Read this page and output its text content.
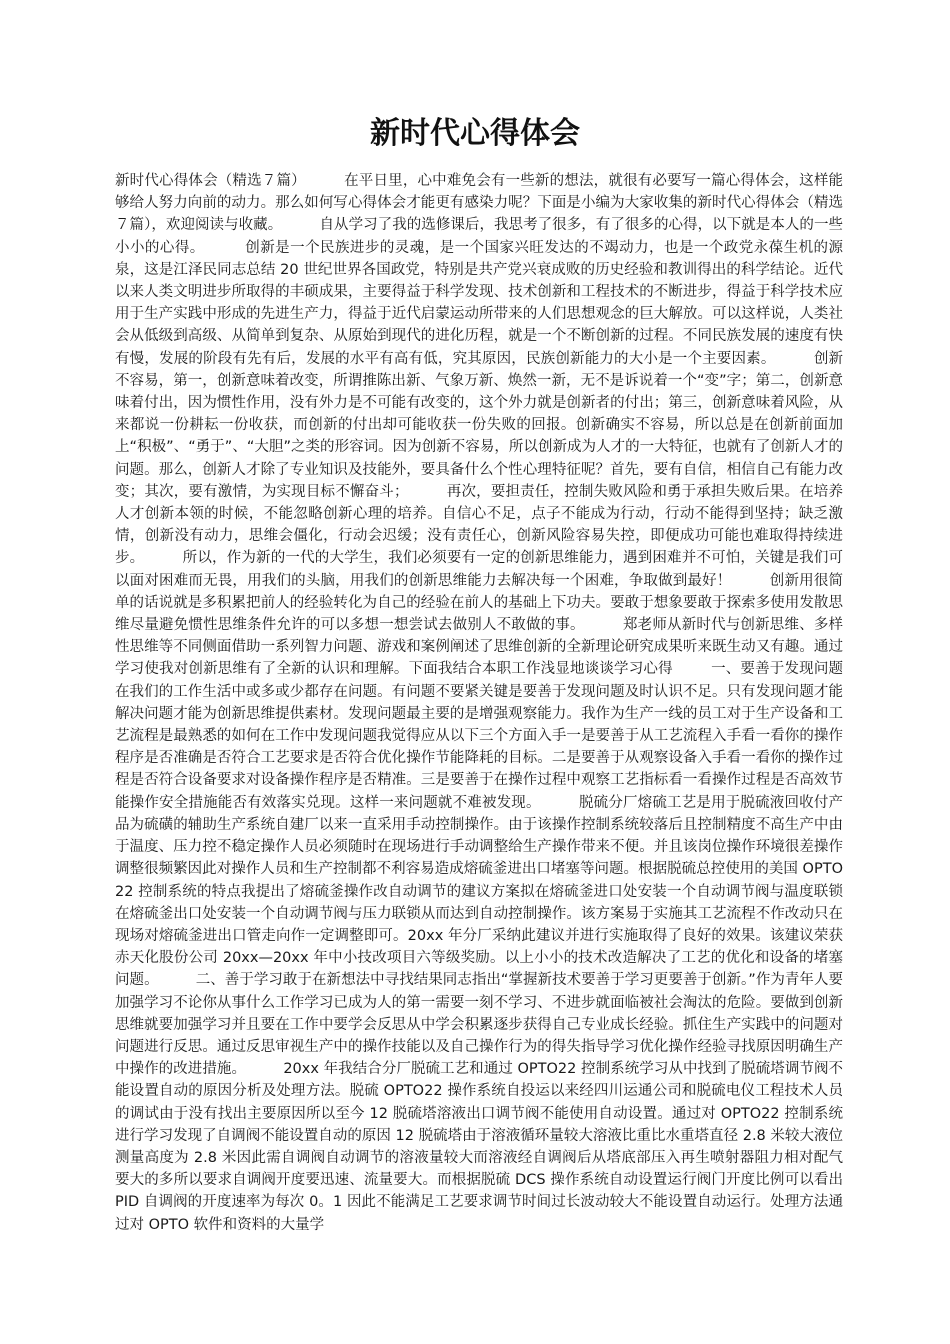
新时代心得体会

新时代心得体会（精选７篇）        在平日里，心中难免会有一些新的想法，就很有必要写一篇心得体会，这样能够给人努力向前的动力。那么如何写心得体会才能更有感染力呢？下面是小编为大家收集的新时代心得体会（精选７篇），欢迎阅读与收藏。        自从学习了我的选修课后，我思考了很多，有了很多的心得，以下就是本人的一些小小的心得。        创新是一个民族进步的灵魂，是一个国家兴旺发达的不竭动力，也是一个政党永葆生机的源泉，这是江泽民同志总结 20 世纪世界各国政党，特别是共产党兴衰成败的历史经验和教训得出的科学结论。近代以来人类文明进步所取得的丰硕成果，主要得益于科学发现、技术创新和工程技术的不断进步，得益于科学技术应用于生产实践中形成的先进生产力，得益于近代启蒙运动所带来的人们思想观念的巨大解放。可以这样说，人类社会从低级到高级、从简单到复杂、从原始到现代的进化历程，就是一个不断创新的过程。不同民族发展的速度有快有慢，发展的阶段有先有后，发展的水平有高有低，究其原因，民族创新能力的大小是一个主要因素。        创新不容易，第一，创新意味着改变，所谓推陈出新、气象万新、焕然一新，无不是诉说着一个“变”字；第二，创新意味着付出，因为惯性作用，没有外力是不可能有改变的，这个外力就是创新者的付出；第三，创新意味着风险，从来都说一份耕耘一份收获，而创新的付出却可能收获一份失败的回报。创新确实不容易，所以总是在创新前面加上“积极”、“勇于”、“大胆”之类的形容词。因为创新不容易，所以创新成为人才的一大特征，也就有了创新人才的问题。那么，创新人才除了专业知识及技能外，要具备什么个性心理特征呢？首先，要有自信，相信自己有能力改变；其次，要有激情，为实现目标不懈奋斗；        再次，要担责任，控制失败风险和勇于承担失败后果。在培养人才创新本领的时候，不能忽略创新心理的培养。自信心不足，点子不能成为行动，行动不能得到坚持；缺乏激情，创新没有动力，思维会僵化，行动会迟缓；没有责任心，创新风险容易失控，即便成功可能也难取得持续进步。        所以，作为新的一代的大学生，我们必须要有一定的创新思维能力，遇到困难并不可怕，关键是我们可以面对困难而无畏，用我们的头脑，用我们的创新思维能力去解决每一个困难，争取做到最好！        创新用很简单的话说就是多积累把前人的经验转化为自己的经验在前人的基础上下功夫。要敢于想象要敢于探索多使用发散思维尽量避免惯性思维条件允许的可以多想一想尝试去做别人不敢做的事。        郑老师从新时代与创新思维、多样性思维等不同侧面借助一系列智力问题、游戏和案例阐述了思维创新的全新理论研究成果听来既生动又有趣。通过学习使我对创新思维有了全新的认识和理解。下面我结合本职工作浅显地谈谈学习心得        一、要善于发现问题在我们的工作生活中或多或少都存在问题。有问题不要紧关键是要善于发现问题及时认识不足。只有发现问题才能解决问题才能为创新思维提供素材。发现问题最主要的是增强观察能力。我作为生产一线的员工对于生产设备和工艺流程是最熟悉的如何在工作中发现问题我觉得应从以下三个方面入手一是要善于从工艺流程入手看一看你的操作程序是否准确是否符合工艺要求是否符合优化操作节能降耗的目标。二是要善于从观察设备入手看一看你的操作过程是否符合设备要求对设备操作程序是否精准。三是要善于在操作过程中观察工艺指标看一看操作过程是否高效节能操作安全措施能否有效落实兑现。这样一来问题就不难被发现。        脱硫分厂熔硫工艺是用于脱硫液回收付产品为硫磺的辅助生产系统自建厂以来一直采用手动控制操作。由于该操作控制系统较落后且控制精度不高生产中由于温度、压力控不稳定操作人员必须随时在现场进行手动调整给生产操作带来不便。并且该岗位操作环境很差操作调整很频繁因此对操作人员和生产控制都不利容易造成熔硫釜进出口堵塞等问题。根据脱硫总控使用的美国 OPTO22 控制系统的特点我提出了熔硫釜操作改自动调节的建议方案拟在熔硫釜进口处安装一个自动调节阀与温度联锁在熔硫釜出口处安装一个自动调节阀与压力联锁从而达到自动控制操作。该方案易于实施其工艺流程不作改动只在现场对熔硫釜进出口管走向作一定调整即可。20xx 年分厂采纳此建议并进行实施取得了良好的效果。该建议荣获赤天化股份公司 20xx—20xx 年中小技改项目六等级奖励。以上小小的技术改造解决了工艺的优化和设备的堵塞问题。        二、善于学习敢于在新想法中寻找结果同志指出“掌握新技术要善于学习更要善于创新。”作为青年人要加强学习不论你从事什么工作学习已成为人的第一需要一刻不学习、不进步就面临被社会淘汰的危险。要做到创新思维就要加强学习并且要在工作中要学会反思从中学会积累逐步获得自己专业成长经验。抓住生产实践中的问题对问题进行反思。通过反思审视生产中的操作技能以及自己操作行为的得失指导学习优化操作经验寻找原因明确生产中操作的改进措施。        20xx 年我结合分厂脱硫工艺和通过 OPTO22 控制系统学习从中找到了脱硫塔调节阀不能设置自动的原因分析及处理方法。脱硫 OPTO22 操作系统自投运以来经四川运通公司和脱硫电仪工程技术人员的调试由于没有找出主要原因所以至今 12 脱硫塔溶液出口调节阀不能使用自动设置。通过对 OPTO22 控制系统进行学习发现了自调阀不能设置自动的原因 12 脱硫塔由于溶液循环量较大溶液比重比水重塔直径 2.8 米较大液位测量高度为 2.8 米因此需自调阀自动调节的溶液量较大而溶液经自调阀后从塔底部压入再生喷射器阻力相对配气要大的多所以要求自调阀开度要迅速、流量要大。而根据脱硫 DCS 操作系统自动设置运行阀门开度比例可以看出 PID 自调阀的开度速率为每次 0。1 因此不能满足工艺要求调节时间过长波动较大不能设置自动运行。处理方法通过对 OPTO 软件和资料的大量学
